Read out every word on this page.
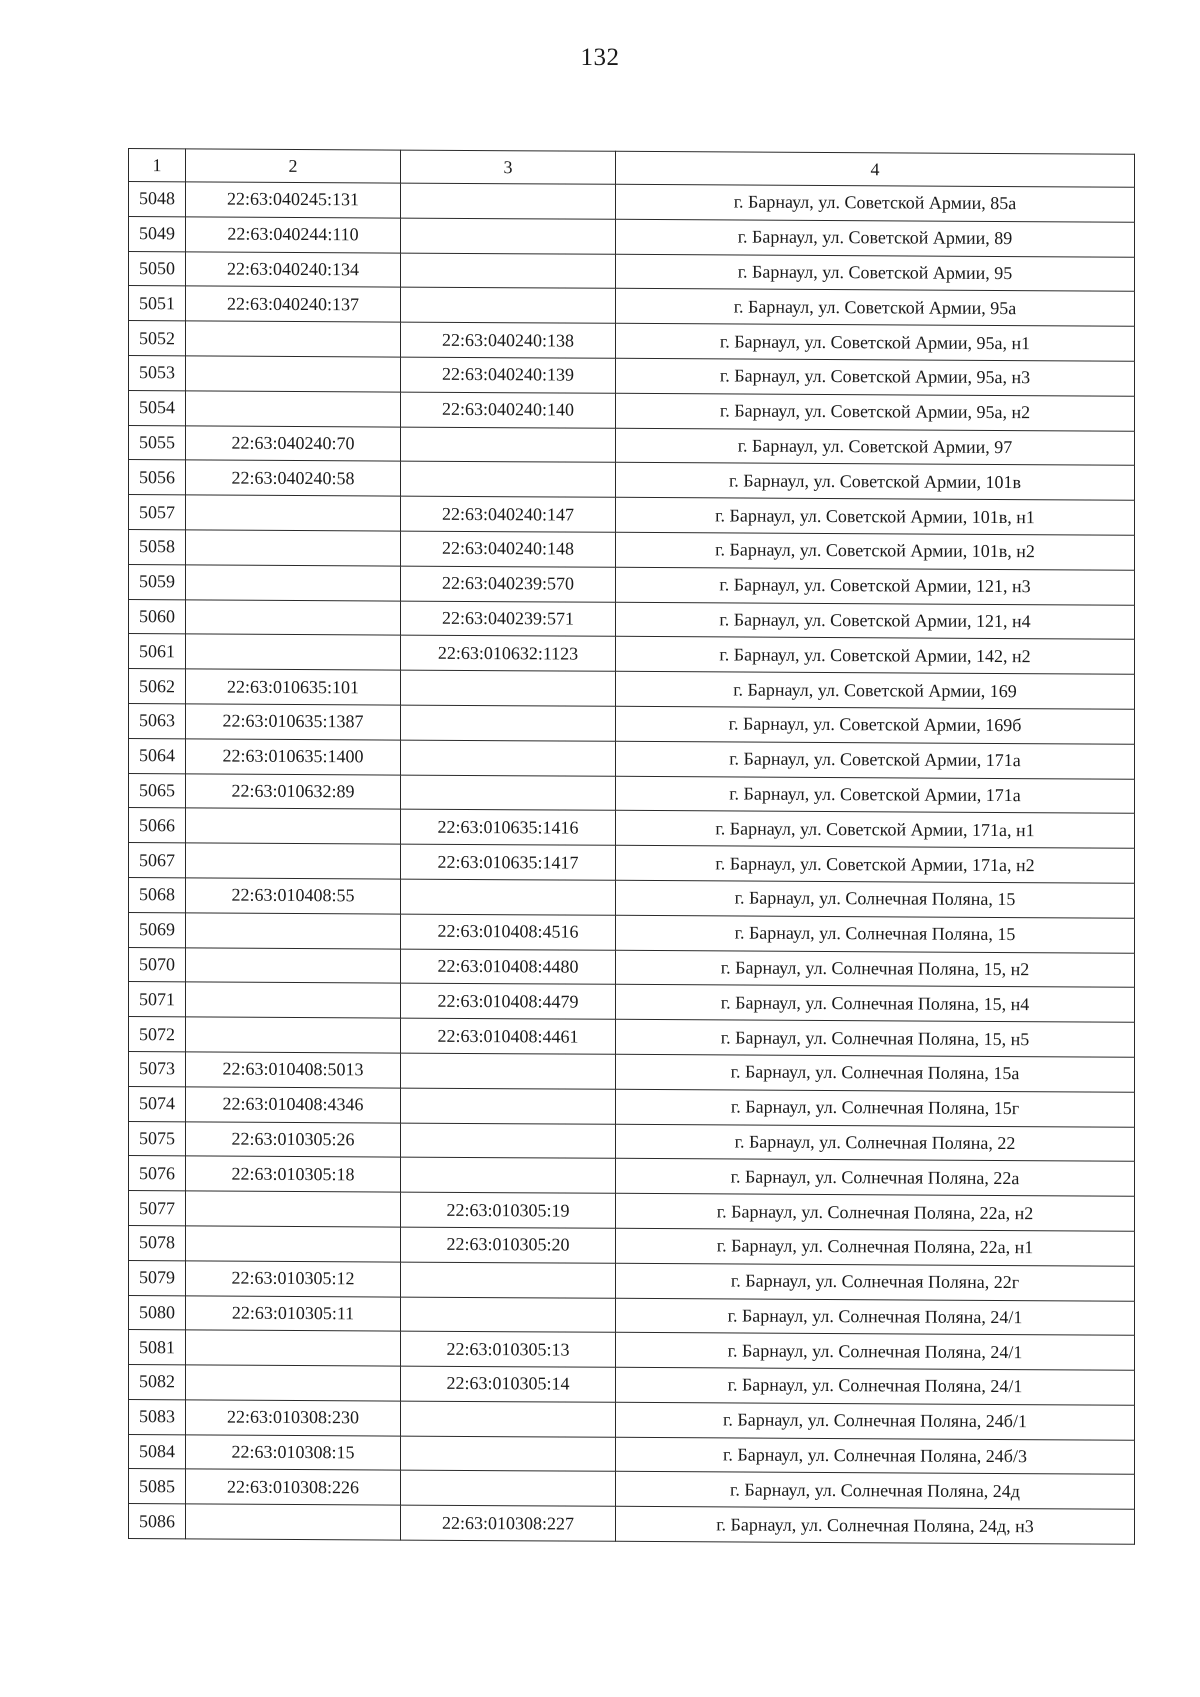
132
1	2	3	4
5048	22:63:040245:131		г. Барнаул, ул. Советской Армии, 85а
5049	22:63:040244:110		г. Барнаул, ул. Советской Армии, 89
5050	22:63:040240:134		г. Барнаул, ул. Советской Армии, 95
5051	22:63:040240:137		г. Барнаул, ул. Советской Армии, 95а
5052		22:63:040240:138	г. Барнаул, ул. Советской Армии, 95а, н1
5053		22:63:040240:139	г. Барнаул, ул. Советской Армии, 95а, н3
5054		22:63:040240:140	г. Барнаул, ул. Советской Армии, 95а, н2
5055	22:63:040240:70		г. Барнаул, ул. Советской Армии, 97
5056	22:63:040240:58		г. Барнаул, ул. Советской Армии, 101в
5057		22:63:040240:147	г. Барнаул, ул. Советской Армии, 101в, н1
5058		22:63:040240:148	г. Барнаул, ул. Советской Армии, 101в, н2
5059		22:63:040239:570	г. Барнаул, ул. Советской Армии, 121, н3
5060		22:63:040239:571	г. Барнаул, ул. Советской Армии, 121, н4
5061		22:63:010632:1123	г. Барнаул, ул. Советской Армии, 142, н2
5062	22:63:010635:101		г. Барнаул, ул. Советской Армии, 169
5063	22:63:010635:1387		г. Барнаул, ул. Советской Армии, 169б
5064	22:63:010635:1400		г. Барнаул, ул. Советской Армии, 171а
5065	22:63:010632:89		г. Барнаул, ул. Советской Армии, 171а
5066		22:63:010635:1416	г. Барнаул, ул. Советской Армии, 171а, н1
5067		22:63:010635:1417	г. Барнаул, ул. Советской Армии, 171а, н2
5068	22:63:010408:55		г. Барнаул, ул. Солнечная Поляна, 15
5069		22:63:010408:4516	г. Барнаул, ул. Солнечная Поляна, 15
5070		22:63:010408:4480	г. Барнаул, ул. Солнечная Поляна, 15, н2
5071		22:63:010408:4479	г. Барнаул, ул. Солнечная Поляна, 15, н4
5072		22:63:010408:4461	г. Барнаул, ул. Солнечная Поляна, 15, н5
5073	22:63:010408:5013		г. Барнаул, ул. Солнечная Поляна, 15а
5074	22:63:010408:4346		г. Барнаул, ул. Солнечная Поляна, 15г
5075	22:63:010305:26		г. Барнаул, ул. Солнечная Поляна, 22
5076	22:63:010305:18		г. Барнаул, ул. Солнечная Поляна, 22а
5077		22:63:010305:19	г. Барнаул, ул. Солнечная Поляна, 22а, н2
5078		22:63:010305:20	г. Барнаул, ул. Солнечная Поляна, 22а, н1
5079	22:63:010305:12		г. Барнаул, ул. Солнечная Поляна, 22г
5080	22:63:010305:11		г. Барнаул, ул. Солнечная Поляна, 24/1
5081		22:63:010305:13	г. Барнаул, ул. Солнечная Поляна, 24/1
5082		22:63:010305:14	г. Барнаул, ул. Солнечная Поляна, 24/1
5083	22:63:010308:230		г. Барнаул, ул. Солнечная Поляна, 24б/1
5084	22:63:010308:15		г. Барнаул, ул. Солнечная Поляна, 24б/3
5085	22:63:010308:226		г. Барнаул, ул. Солнечная Поляна, 24д
5086		22:63:010308:227	г. Барнаул, ул. Солнечная Поляна, 24д, н3
